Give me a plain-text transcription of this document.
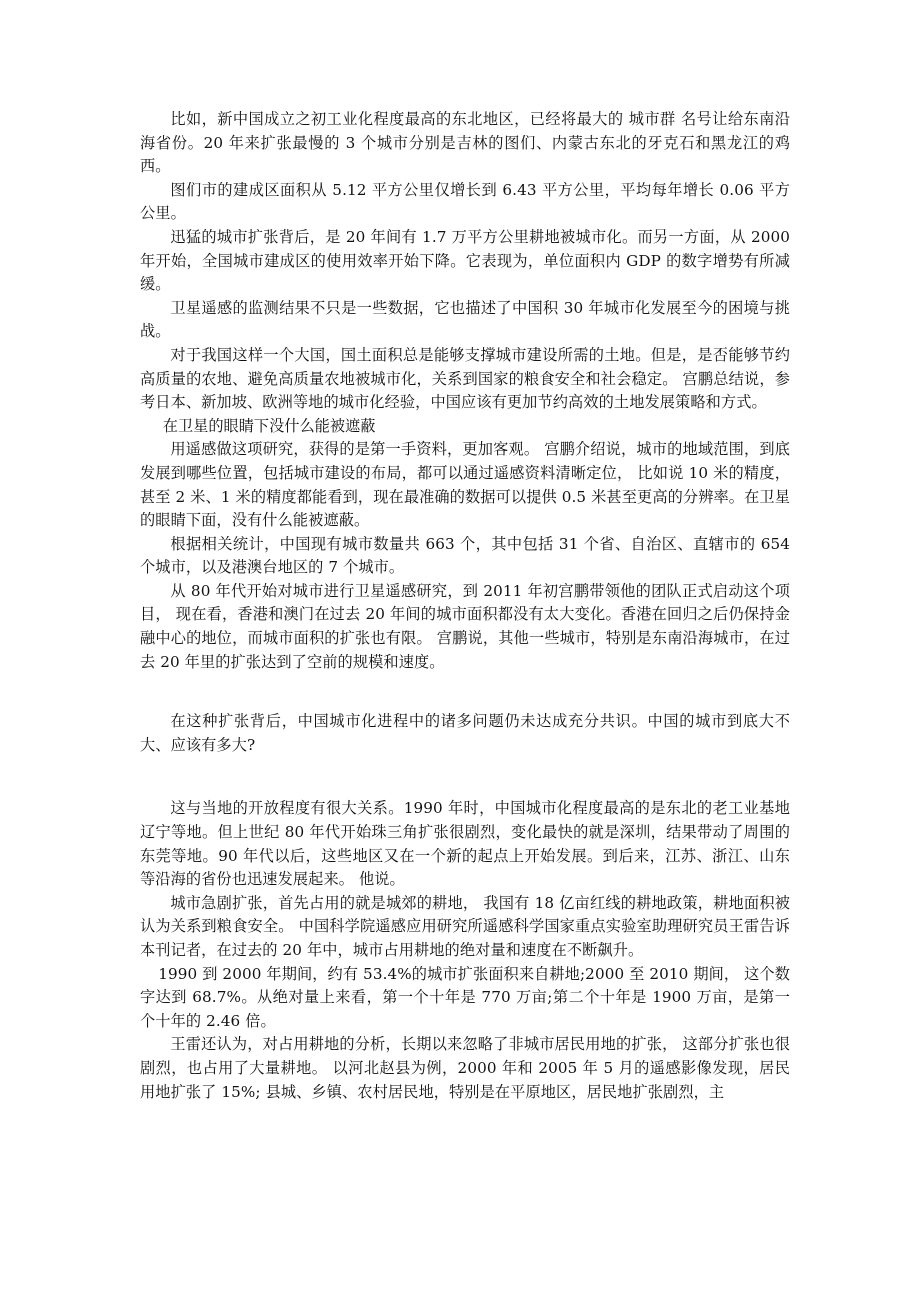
比如，新中国成立之初工业化程度最高的东北地区，已经将最大的 城市群 名号让给东南沿海省份。20 年来扩张最慢的 3 个城市分别是吉林的图们、内蒙古东北的牙克石和黑龙江的鸡西。

图们市的建成区面积从 5.12 平方公里仅增长到 6.43 平方公里，平均每年增长 0.06 平方公里。

迅猛的城市扩张背后，是 20 年间有 1.7 万平方公里耕地被城市化。而另一方面，从 2000 年开始，全国城市建成区的使用效率开始下降。它表现为，单位面积内 GDP 的数字增势有所减缓。

卫星遥感的监测结果不只是一些数据，它也描述了中国积 30 年城市化发展至今的困境与挑战。

对于我国这样一个大国，国土面积总是能够支撑城市建设所需的土地。但是，是否能够节约高质量的农地、避免高质量农地被城市化，关系到国家的粮食安全和社会稳定。 宫鹏总结说，参考日本、新加坡、欧洲等地的城市化经验，中国应该有更加节约高效的土地发展策略和方式。

在卫星的眼睛下没什么能被遮蔽

用遥感做这项研究，获得的是第一手资料，更加客观。 宫鹏介绍说，城市的地域范围，到底发展到哪些位置，包括城市建设的布局，都可以通过遥感资料清晰定位， 比如说 10 米的精度，甚至 2 米、1 米的精度都能看到，现在最准确的数据可以提供 0.5 米甚至更高的分辨率。在卫星的眼睛下面，没有什么能被遮蔽。

根据相关统计，中国现有城市数量共 663 个，其中包括 31 个省、自治区、直辖市的 654 个城市，以及港澳台地区的 7 个城市。

从 80 年代开始对城市进行卫星遥感研究，到 2011 年初宫鹏带领他的团队正式启动这个项目， 现在看，香港和澳门在过去 20 年间的城市面积都没有太大变化。香港在回归之后仍保持金融中心的地位，而城市面积的扩张也有限。 宫鹏说，其他一些城市，特别是东南沿海城市，在过去 20 年里的扩张达到了空前的规模和速度。

在这种扩张背后，中国城市化进程中的诸多问题仍未达成充分共识。中国的城市到底大不大、应该有多大?

这与当地的开放程度有很大关系。1990 年时，中国城市化程度最高的是东北的老工业基地辽宁等地。但上世纪 80 年代开始珠三角扩张很剧烈，变化最快的就是深圳，结果带动了周围的东莞等地。90 年代以后，这些地区又在一个新的起点上开始发展。到后来，江苏、浙江、山东等沿海的省份也迅速发展起来。 他说。

城市急剧扩张，首先占用的就是城郊的耕地， 我国有 18 亿亩红线的耕地政策，耕地面积被认为关系到粮食安全。 中国科学院遥感应用研究所遥感科学国家重点实验室助理研究员王雷告诉本刊记者，在过去的 20 年中，城市占用耕地的绝对量和速度在不断飙升。

1990 到 2000 年期间，约有 53.4%的城市扩张面积来自耕地;2000 至 2010 期间， 这个数字达到 68.7%。从绝对量上来看，第一个十年是 770 万亩;第二个十年是 1900 万亩，是第一个十年的 2.46 倍。

王雷还认为，对占用耕地的分析，长期以来忽略了非城市居民用地的扩张， 这部分扩张也很剧烈，也占用了大量耕地。 以河北赵县为例，2000 年和 2005 年 5 月的遥感影像发现，居民用地扩张了 15%; 县城、乡镇、农村居民地，特别是在平原地区，居民地扩张剧烈，主
